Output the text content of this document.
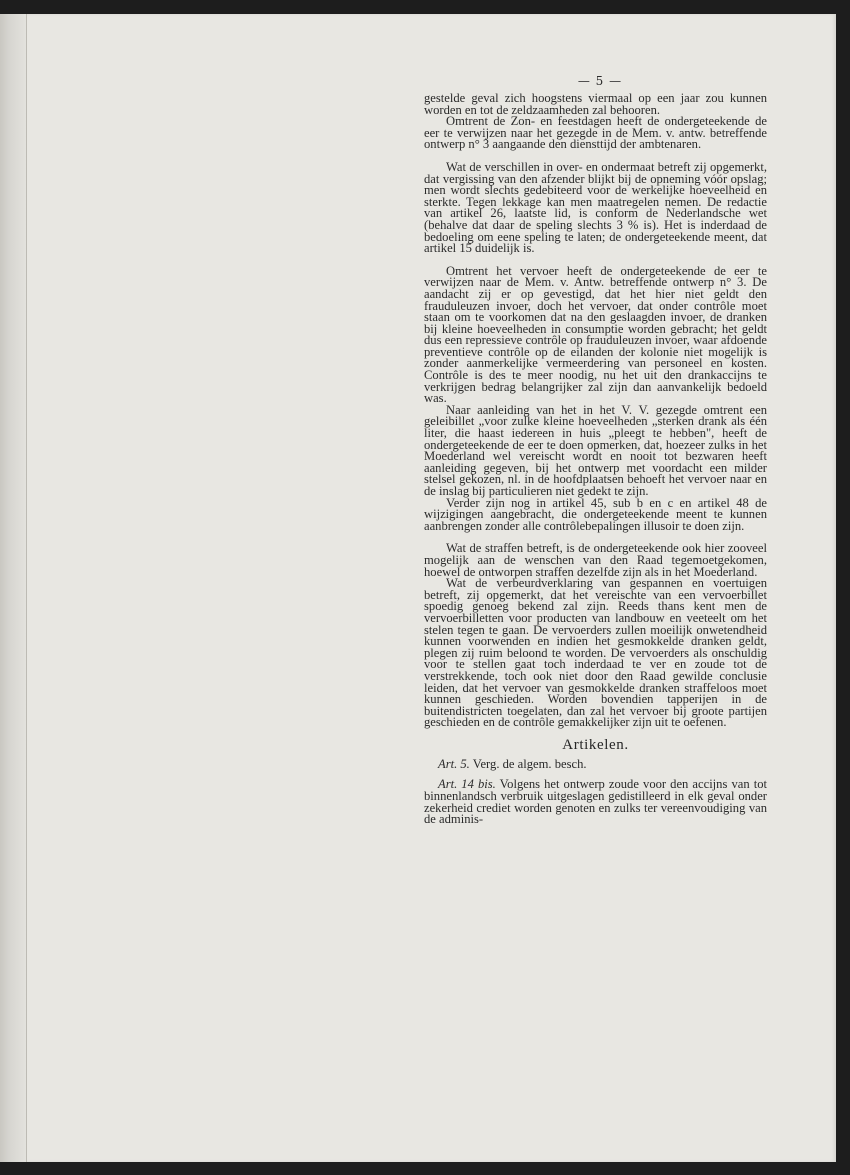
— 5 —

gestelde geval zich hoogstens viermaal op een jaar zou kunnen worden en tot de zeldzaamheden zal behooren.

Omtrent de Zon- en feestdagen heeft de ondergeteekende de eer te verwijzen naar het gezegde in de Mem. v. antw. betreffende ontwerp n° 3 aangaande den diensttijd der ambtenaren.

Wat de verschillen in over- en ondermaat betreft zij opgemerkt, dat vergissing van den afzender blijkt bij de opneming vóór opslag; men wordt slechts gedebiteerd voor de werkelijke hoeveelheid en sterkte. Tegen lekkage kan men maatregelen nemen. De redactie van artikel 26, laatste lid, is conform de Nederlandsche wet (behalve dat daar de speling slechts 3 % is). Het is inderdaad de bedoeling om eene speling te laten; de ondergeteekende meent, dat artikel 15 duidelijk is.

Omtrent het vervoer heeft de ondergeteekende de eer te verwijzen naar de Mem. v. Antw. betreffende ontwerp n° 3. De aandacht zij er op gevestigd, dat het hier niet geldt den frauduleuzen invoer, doch het vervoer, dat onder contrôle moet staan om te voorkomen dat na den geslaagden invoer, de dranken bij kleine hoeveelheden in consumptie worden gebracht; het geldt dus een repressieve contrôle op frauduleuzen invoer, waar afdoende preventieve contrôle op de eilanden der kolonie niet mogelijk is zonder aanmerkelijke vermeerdering van personeel en kosten. Contrôle is des te meer noodig, nu het uit den drankaccijns te verkrijgen bedrag belangrijker zal zijn dan aanvankelijk bedoeld was.

Naar aanleiding van het in het V. V. gezegde omtrent een geleibillet „voor zulke kleine hoeveelheden „sterken drank als één liter, die haast iedereen in huis „pleegt te hebben", heeft de ondergeteekende de eer te doen opmerken, dat, hoezeer zulks in het Moederland wel vereischt wordt en nooit tot bezwaren heeft aanleiding gegeven, bij het ontwerp met voordacht een milder stelsel gekozen, nl. in de hoofdplaatsen behoeft het vervoer naar en de inslag bij particulieren niet gedekt te zijn.

Verder zijn nog in artikel 45, sub b en c en artikel 48 de wijzigingen aangebracht, die ondergeteekende meent te kunnen aanbrengen zonder alle contrôlebepalingen illusoir te doen zijn.

Wat de straffen betreft, is de ondergeteekende ook hier zooveel mogelijk aan de wenschen van den Raad tegemoetgekomen, hoewel de ontworpen straffen dezelfde zijn als in het Moederland.

Wat de verbeurdverklaring van gespannen en voertuigen betreft, zij opgemerkt, dat het vereischte van een vervoerbillet spoedig genoeg bekend zal zijn. Reeds thans kent men de vervoerbilletten voor producten van landbouw en veeteelt om het stelen tegen te gaan. De vervoerders zullen moeilijk onwetendheid kunnen voorwenden en indien het gesmokkelde dranken geldt, plegen zij ruim beloond te worden. De vervoerders als onschuldig voor te stellen gaat toch inderdaad te ver en zoude tot de verstrekkende, toch ook niet door den Raad gewilde conclusie leiden, dat het vervoer van gesmokkelde dranken straffeloos moet kunnen geschieden. Worden bovendien tapperijen in de buitendistricten toegelaten, dan zal het vervoer bij groote partijen geschieden en de contrôle gemakkelijker zijn uit te oefenen.

Artikelen.

Art. 5. Verg. de algem. besch.

Art. 14 bis. Volgens het ontwerp zoude voor den accijns van tot binnenlandsch verbruik uitgeslagen gedistilleerd in elk geval onder zekerheid crediet worden genoten en zulks ter vereenvoudiging van de adminis-
